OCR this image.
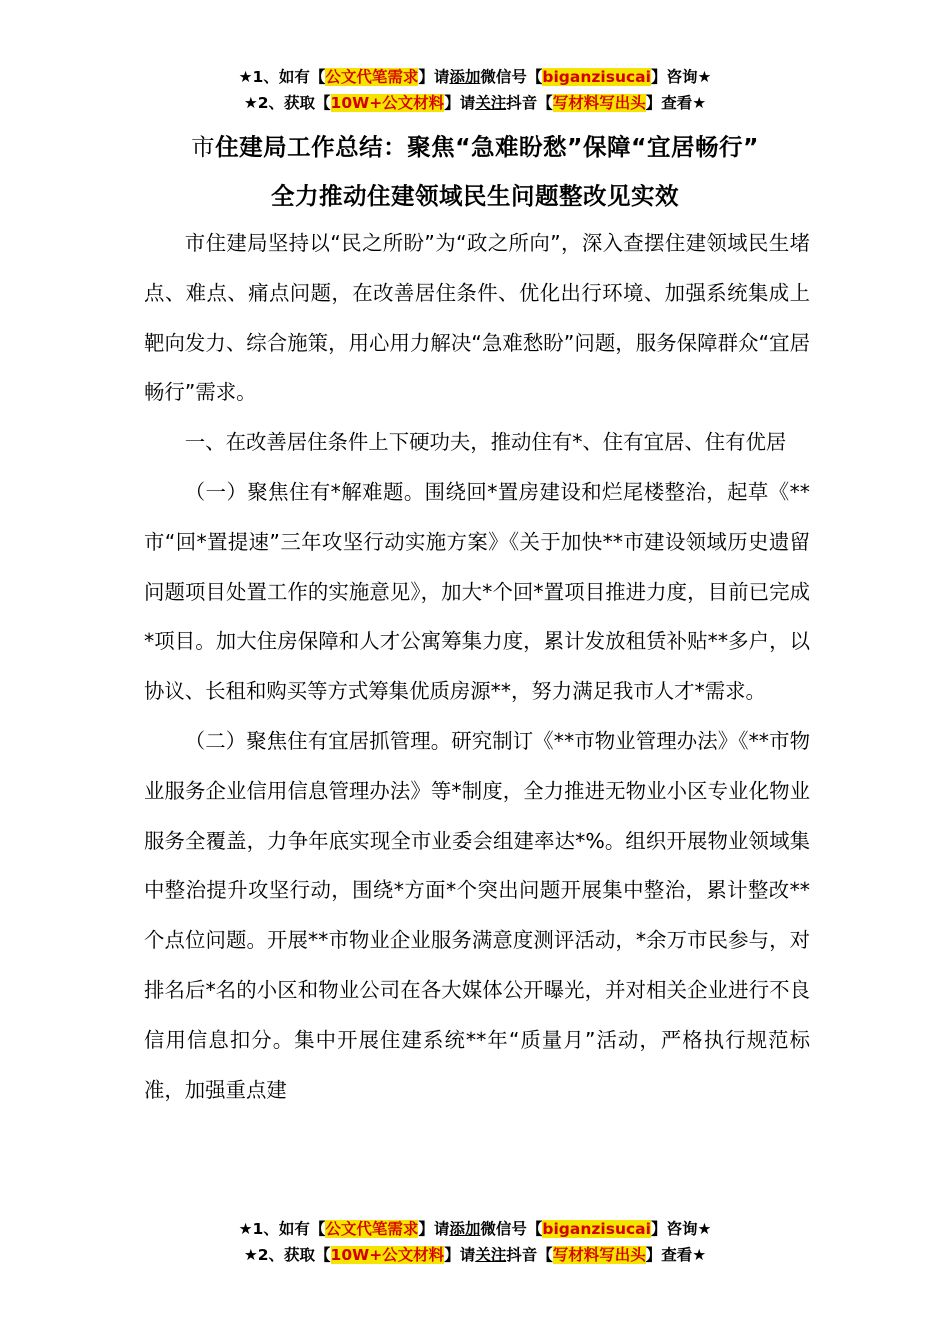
★1、如有【公文代笔需求】请添加微信号【biganzisucai】咨询★
★2、获取【10W+公文材料】请关注抖音【写材料写出头】查看★
市住建局工作总结：聚焦“急难盼愁”保障“宜居畅行”
全力推动住建领域民生问题整改见实效

市住建局坚持以“民之所盼”为“政之所向”，深入查摆住建领域民生堵点、难点、痛点问题，在改善居住条件、优化出行环境、加强系统集成上靶向发力、综合施策，用心用力解决“急难愁盼”问题，服务保障群众“宜居畅行”需求。

一、在改善居住条件上下硬功夫，推动住有*、住有宜居、住有优居

（一）聚焦住有*解难题。围绕回*置房建设和烂尾楼整治，起草《**市“回*置提速”三年攻坚行动实施方案》《关于加快**市建设领域历史遗留问题项目处置工作的实施意见》，加大*个回*置项目推进力度，目前已完成*项目。加大住房保障和人才公寓筹集力度，累计发放租赁补贴**多户，以协议、长租和购买等方式筹集优质房源**，努力满足我市人才*需求。

（二）聚焦住有宜居抓管理。研究制订《**市物业管理办法》《**市物业服务企业信用信息管理办法》等*制度，全力推进无物业小区专业化物业服务全覆盖，力争年底实现全市业委会组建率达*%。组织开展物业领域集中整治提升攻坚行动，围绕*方面*个突出问题开展集中整治，累计整改**个点位问题。开展**市物业企业服务满意度测评活动，*余万市民参与，对排名后*名的小区和物业公司在各大媒体公开曝光，并对相关企业进行不良信用信息扣分。集中开展住建系统**年“质量月”活动，严格执行规范标准，加强重点建

★1、如有【公文代笔需求】请添加微信号【biganzisucai】咨询★
★2、获取【10W+公文材料】请关注抖音【写材料写出头】查看★
